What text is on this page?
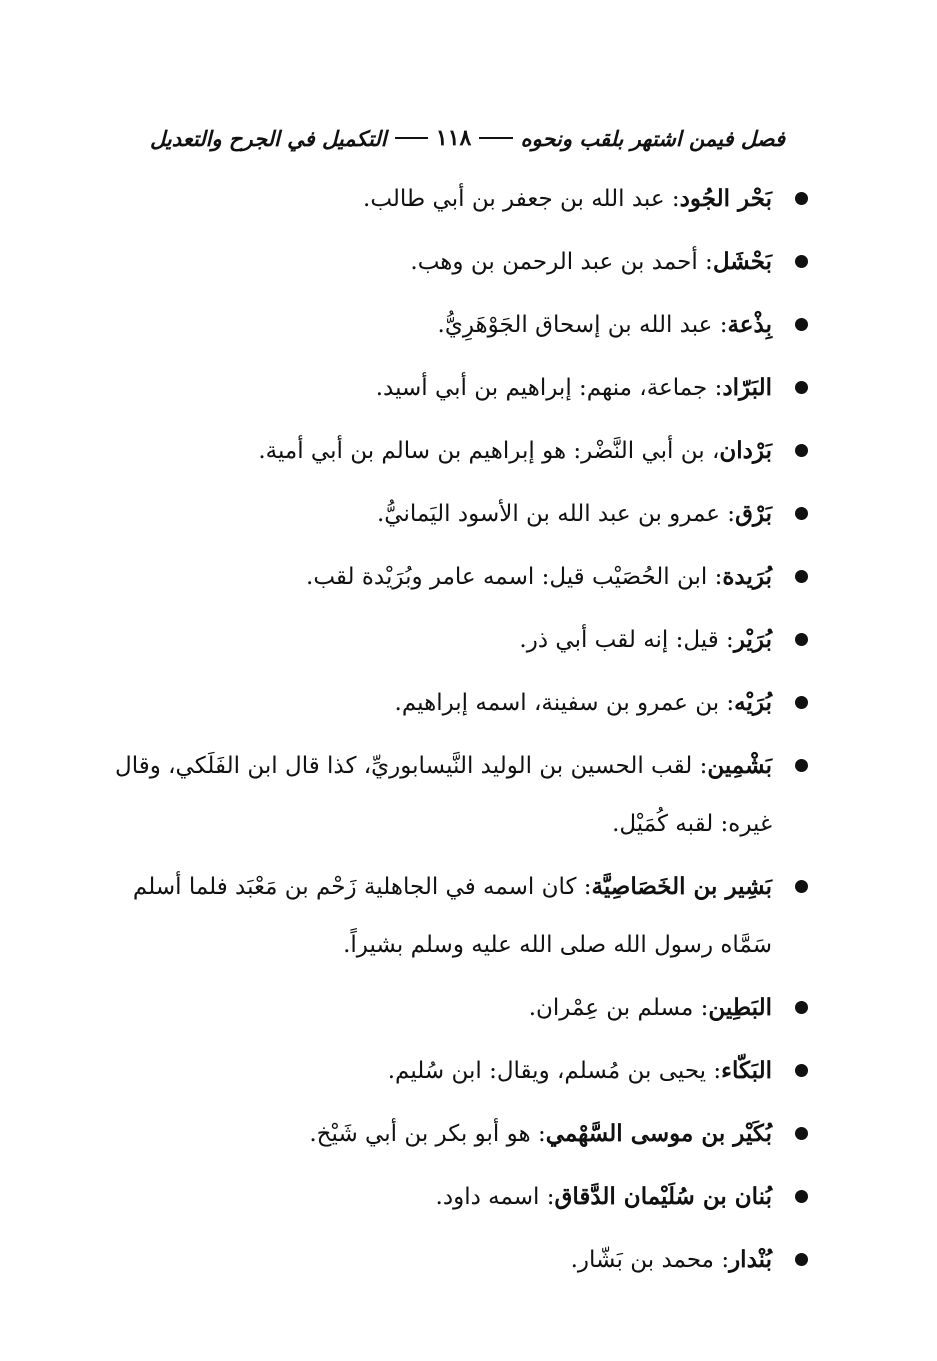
التكميل في الجرح والتعديل ١١٨ فصل فيمن اشتهر بلقب ونحوه
بَحْر الجُود: عبد الله بن جعفر بن أبي طالب.
بَحْشَل: أحمد بن عبد الرحمن بن وهب.
بِذْعة: عبد الله بن إسحاق الجَوْهَرِيُّ.
البَرّاد: جماعة، منهم: إبراهيم بن أبي أسيد.
بَرْدان، بن أبي النَّضْر: هو إبراهيم بن سالم بن أبي أمية.
بَرْق: عمرو بن عبد الله بن الأسود اليَمانيُّ.
بُرَيدة: ابن الحُصَيْب قيل: اسمه عامر وبُرَيْدة لقب.
بُرَيْر: قيل: إنه لقب أبي ذر.
بُرَيْه: بن عمرو بن سفينة، اسمه إبراهيم.
بَشْمِين: لقب الحسين بن الوليد النَّيسابوريِّ، كذا قال ابن الفَلَكي، وقال غيره: لقبه كُمَيْل.
بَشِير بن الخَصَاصِيَّة: كان اسمه في الجاهلية زَحْم بن مَعْبَد فلما أسلم سَمَّاه رسول الله صلى الله عليه وسلم بشيراً.
البَطِين: مسلم بن عِمْران.
البَكّاء: يحيى بن مُسلم، ويقال: ابن سُليم.
بُكَيْر بن موسى السَّهْمي: هو أبو بكر بن أبي شَيْخ.
بُنان بن سُلَيْمان الدَّقاق: اسمه داود.
بُنْدار: محمد بن بَشّار.
